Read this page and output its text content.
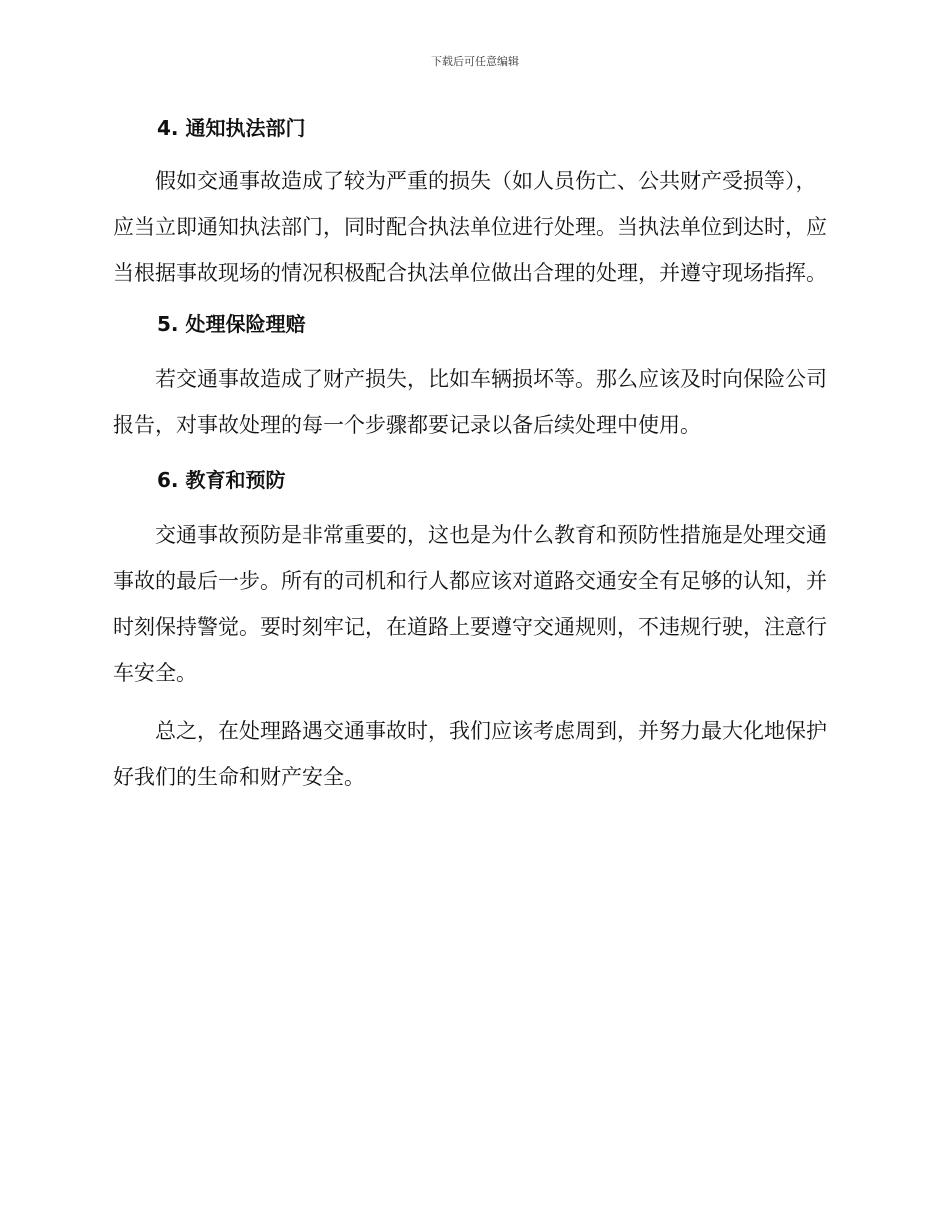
下载后可任意编辑
4. 通知执法部门

假如交通事故造成了较为严重的损失（如人员伤亡、公共财产受损等），应当立即通知执法部门，同时配合执法单位进行处理。当执法单位到达时，应当根据事故现场的情况积极配合执法单位做出合理的处理，并遵守现场指挥。

5. 处理保险理赔

若交通事故造成了财产损失，比如车辆损坏等。那么应该及时向保险公司报告，对事故处理的每一个步骤都要记录以备后续处理中使用。

6. 教育和预防

交通事故预防是非常重要的，这也是为什么教育和预防性措施是处理交通事故的最后一步。所有的司机和行人都应该对道路交通安全有足够的认知，并时刻保持警觉。要时刻牢记，在道路上要遵守交通规则，不违规行驶，注意行车安全。

总之，在处理路遇交通事故时，我们应该考虑周到，并努力最大化地保护好我们的生命和财产安全。
